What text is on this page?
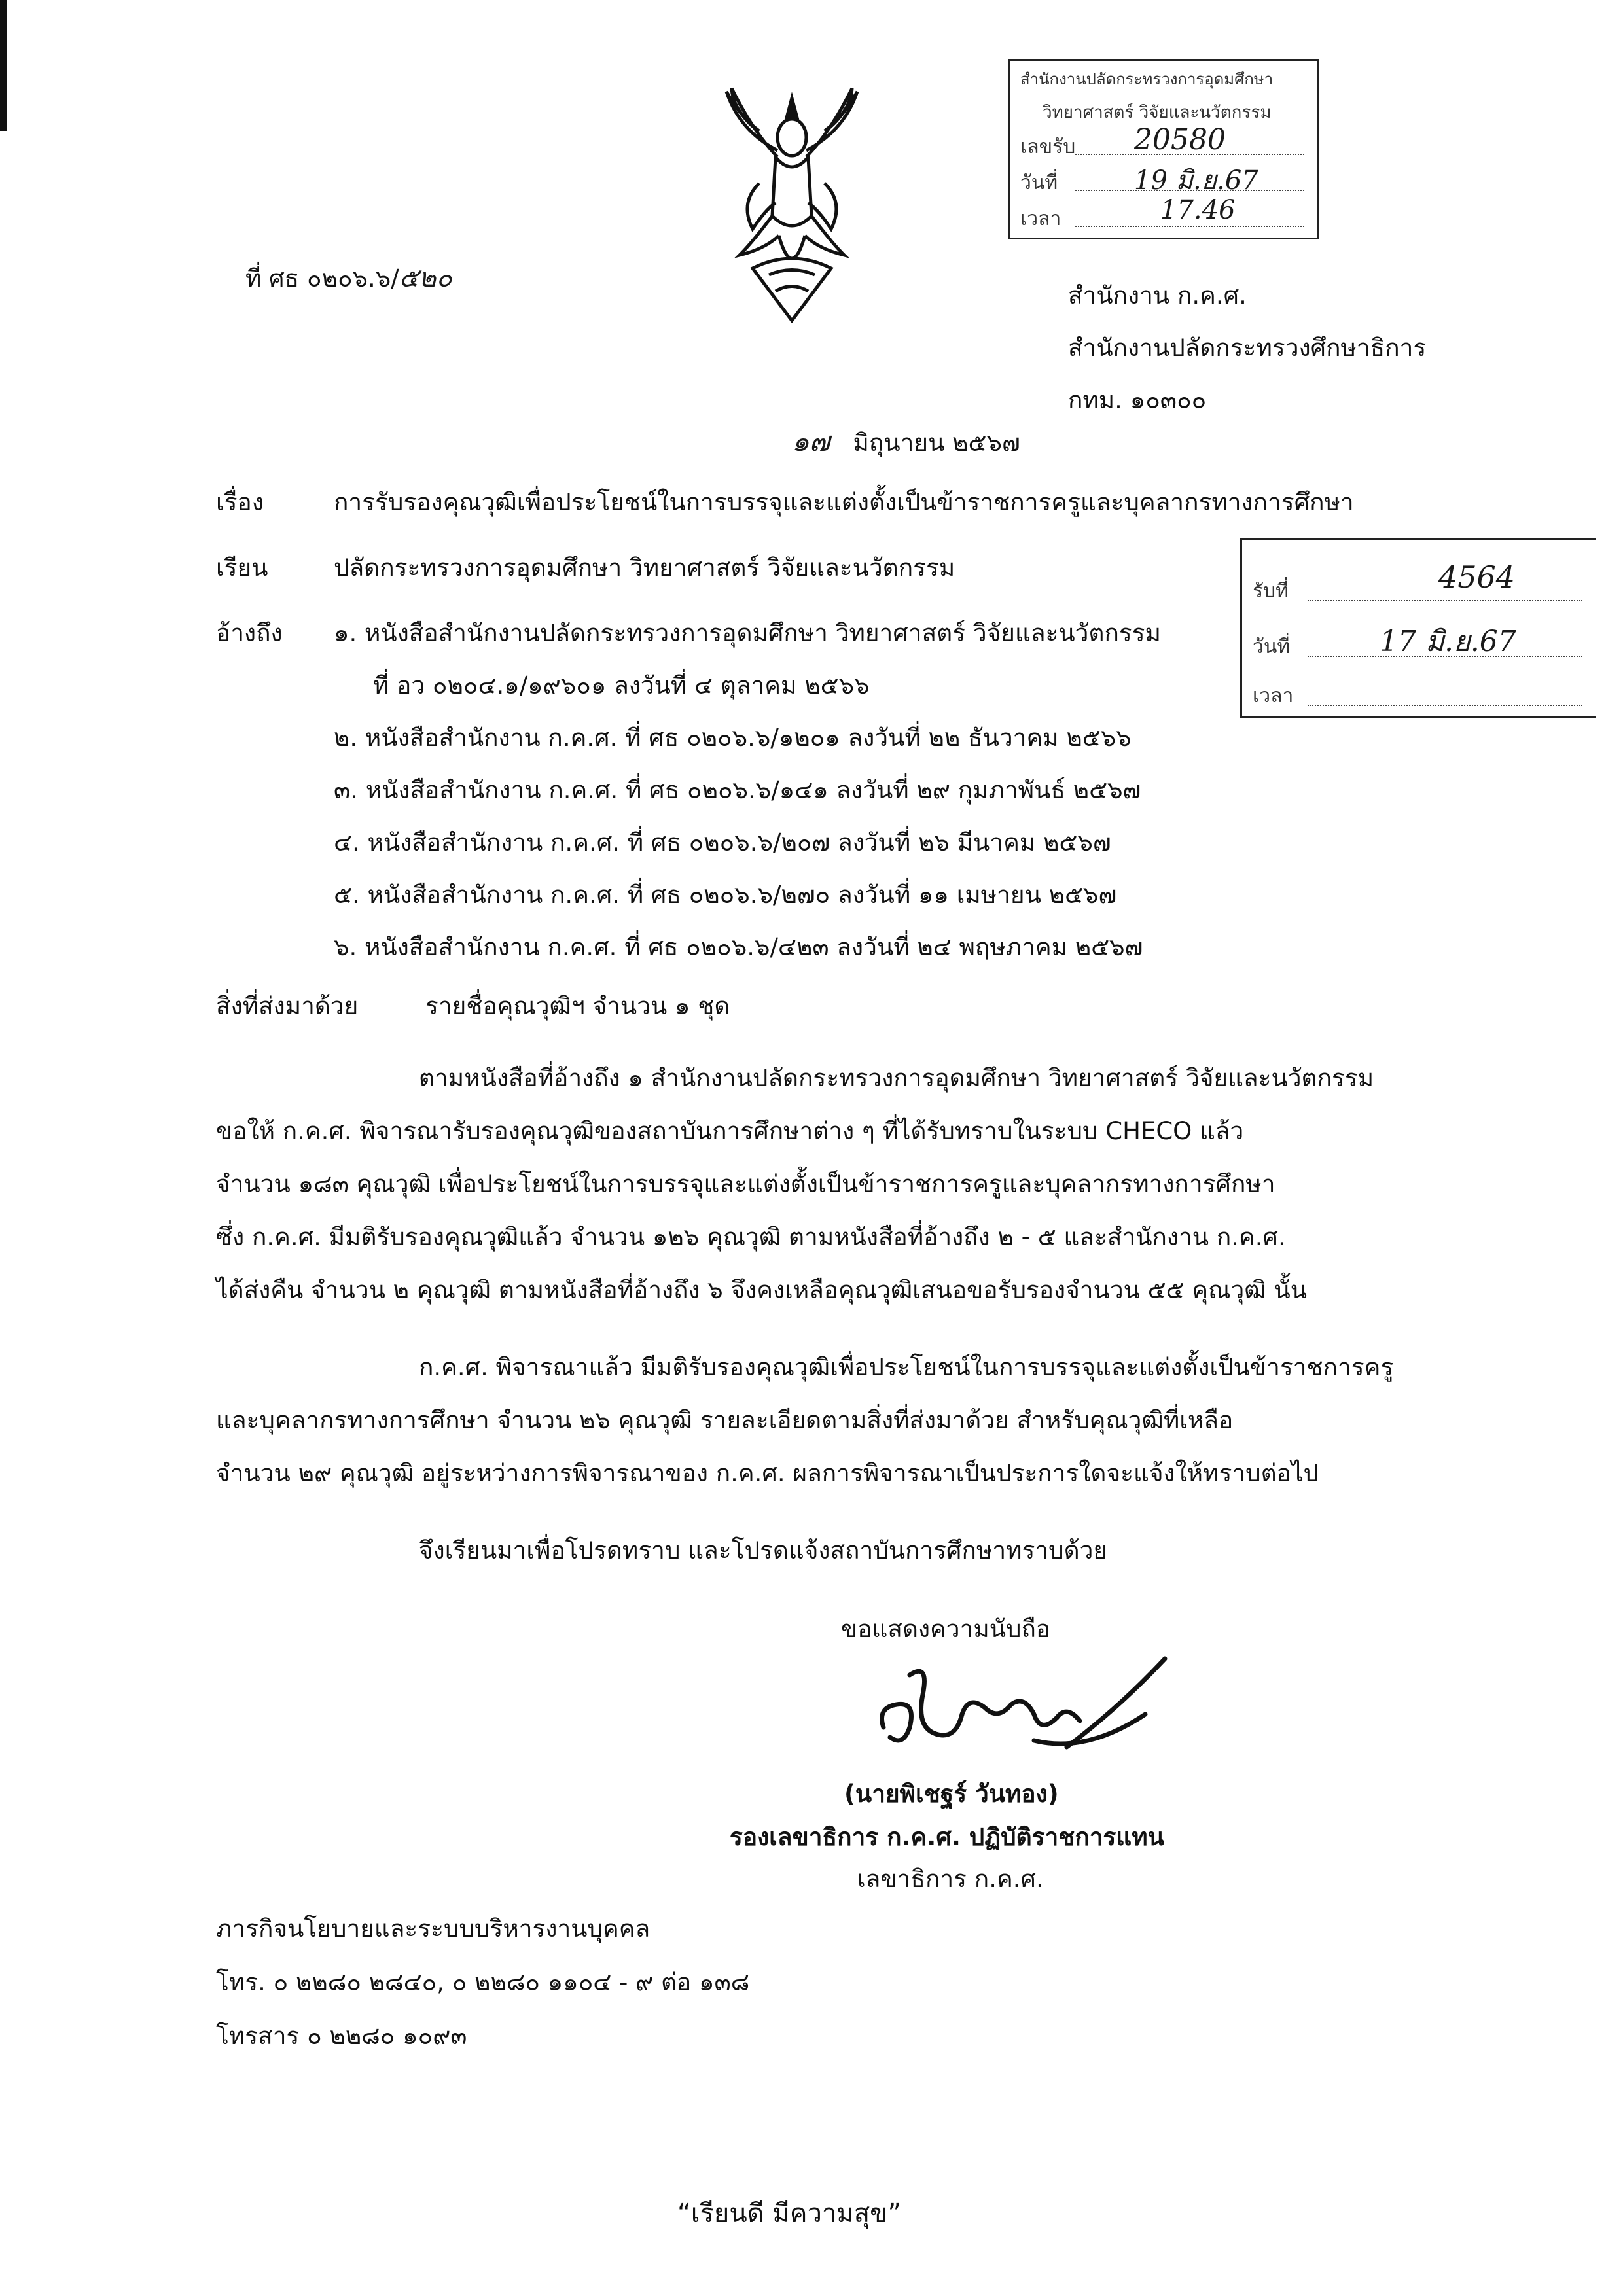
ที่ ศธ ๐๒๐๖.๖/๕๒๐
สำนักงาน ก.ค.ศ.
สำนักงานปลัดกระทรวงศึกษาธิการ
กทม. ๑๐๓๐๐
๑๗ มิถุนายน ๒๕๖๗
สำนักงานปลัดกระทรวงการอุดมศึกษา
วิทยาศาสตร์ วิจัยและนวัตกรรม
เลขรับ 20580
วันที่	19 มิ.ย.67
เวลา	17.46
รับที่	4564
วันที่	17 มิ.ย.67
เวลา
เรื่อง	การรับรองคุณวุฒิเพื่อประโยชน์ในการบรรจุและแต่งตั้งเป็นข้าราชการครูและบุคลากรทางการศึกษา
เรียน	ปลัดกระทรวงการอุดมศึกษา วิทยาศาสตร์ วิจัยและนวัตกรรม
อ้างถึง ๑. หนังสือสำนักงานปลัดกระทรวงการอุดมศึกษา วิทยาศาสตร์ วิจัยและนวัตกรรม
ที่ อว ๐๒๐๔.๑/๑๙๖๐๑ ลงวันที่ ๔ ตุลาคม ๒๕๖๖
๒. หนังสือสำนักงาน ก.ค.ศ. ที่ ศธ ๐๒๐๖.๖/๑๒๐๑ ลงวันที่ ๒๒ ธันวาคม ๒๕๖๖
๓. หนังสือสำนักงาน ก.ค.ศ. ที่ ศธ ๐๒๐๖.๖/๑๔๑ ลงวันที่ ๒๙ กุมภาพันธ์ ๒๕๖๗
๔. หนังสือสำนักงาน ก.ค.ศ. ที่ ศธ ๐๒๐๖.๖/๒๐๗ ลงวันที่ ๒๖ มีนาคม ๒๕๖๗
๕. หนังสือสำนักงาน ก.ค.ศ. ที่ ศธ ๐๒๐๖.๖/๒๗๐ ลงวันที่ ๑๑ เมษายน ๒๕๖๗
๖. หนังสือสำนักงาน ก.ค.ศ. ที่ ศธ ๐๒๐๖.๖/๔๒๓ ลงวันที่ ๒๔ พฤษภาคม ๒๕๖๗
สิ่งที่ส่งมาด้วย	รายชื่อคุณวุฒิฯ จำนวน ๑ ชุด
ตามหนังสือที่อ้างถึง ๑ สำนักงานปลัดกระทรวงการอุดมศึกษา วิทยาศาสตร์ วิจัยและนวัตกรรม
ขอให้ ก.ค.ศ. พิจารณารับรองคุณวุฒิของสถาบันการศึกษาต่าง ๆ ที่ได้รับทราบในระบบ CHECO แล้ว
จำนวน ๑๘๓ คุณวุฒิ เพื่อประโยชน์ในการบรรจุและแต่งตั้งเป็นข้าราชการครูและบุคลากรทางการศึกษา
ซึ่ง ก.ค.ศ. มีมติรับรองคุณวุฒิแล้ว จำนวน ๑๒๖ คุณวุฒิ ตามหนังสือที่อ้างถึง ๒ - ๕ และสำนักงาน ก.ค.ศ.
ได้ส่งคืน จำนวน ๒ คุณวุฒิ ตามหนังสือที่อ้างถึง ๖ จึงคงเหลือคุณวุฒิเสนอขอรับรองจำนวน ๕๕ คุณวุฒิ นั้น
ก.ค.ศ. พิจารณาแล้ว มีมติรับรองคุณวุฒิเพื่อประโยชน์ในการบรรจุและแต่งตั้งเป็นข้าราชการครู
และบุคลากรทางการศึกษา จำนวน ๒๖ คุณวุฒิ รายละเอียดตามสิ่งที่ส่งมาด้วย สำหรับคุณวุฒิที่เหลือ
จำนวน ๒๙ คุณวุฒิ อยู่ระหว่างการพิจารณาของ ก.ค.ศ. ผลการพิจารณาเป็นประการใดจะแจ้งให้ทราบต่อไป
จึงเรียนมาเพื่อโปรดทราบ และโปรดแจ้งสถาบันการศึกษาทราบด้วย
ขอแสดงความนับถือ
(นายพิเชฐร์ วันทอง)
รองเลขาธิการ ก.ค.ศ. ปฏิบัติราชการแทน
เลขาธิการ ก.ค.ศ.
ภารกิจนโยบายและระบบบริหารงานบุคคล
โทร. ๐ ๒๒๘๐ ๒๘๔๐, ๐ ๒๒๘๐ ๑๑๐๔ - ๙ ต่อ ๑๓๘
โทรสาร ๐ ๒๒๘๐ ๑๐๙๓
“เรียนดี มีความสุข”
